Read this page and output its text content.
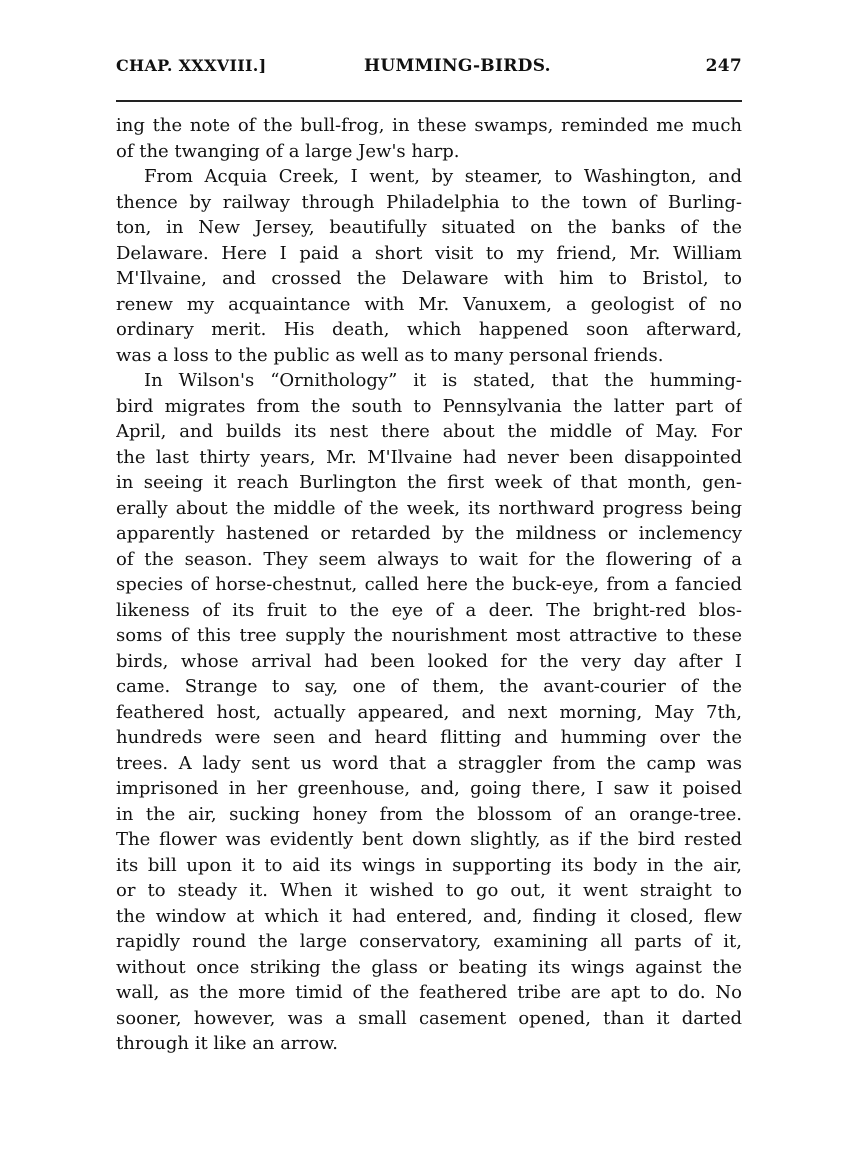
CHAP. XXXVIII.]	HUMMING-BIRDS.	247
ing the note of the bull-frog, in these swamps, reminded me much
of the twanging of a large Jew's harp.
From Acquia Creek, I went, by steamer, to Washington, and
thence by railway through Philadelphia to the town of Burling-
ton, in New Jersey, beautifully situated on the banks of the
Delaware. Here I paid a short visit to my friend, Mr. William
M'Ilvaine, and crossed the Delaware with him to Bristol, to
renew my acquaintance with Mr. Vanuxem, a geologist of no
ordinary merit. His death, which happened soon afterward,
was a loss to the public as well as to many personal friends.
In Wilson's “Ornithology” it is stated, that the humming-
bird migrates from the south to Pennsylvania the latter part of
April, and builds its nest there about the middle of May. For
the last thirty years, Mr. M'Ilvaine had never been disappointed
in seeing it reach Burlington the first week of that month, gen-
erally about the middle of the week, its northward progress being
apparently hastened or retarded by the mildness or inclemency
of the season. They seem always to wait for the flowering of a
species of horse-chestnut, called here the buck-eye, from a fancied
likeness of its fruit to the eye of a deer. The bright-red blos-
soms of this tree supply the nourishment most attractive to these
birds, whose arrival had been looked for the very day after I
came. Strange to say, one of them, the avant-courier of the
feathered host, actually appeared, and next morning, May 7th,
hundreds were seen and heard flitting and humming over the
trees. A lady sent us word that a straggler from the camp was
imprisoned in her greenhouse, and, going there, I saw it poised
in the air, sucking honey from the blossom of an orange-tree.
The flower was evidently bent down slightly, as if the bird rested
its bill upon it to aid its wings in supporting its body in the air,
or to steady it. When it wished to go out, it went straight to
the window at which it had entered, and, finding it closed, flew
rapidly round the large conservatory, examining all parts of it,
without once striking the glass or beating its wings against the
wall, as the more timid of the feathered tribe are apt to do. No
sooner, however, was a small casement opened, than it darted
through it like an arrow.
